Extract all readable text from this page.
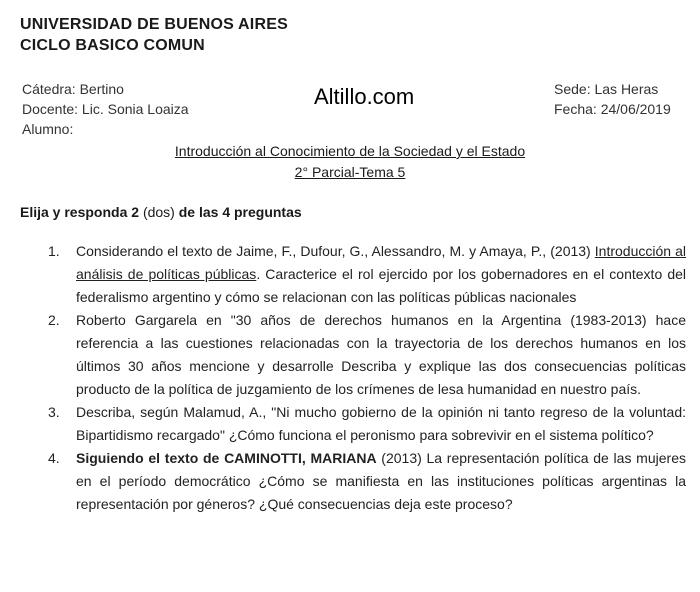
UNIVERSIDAD DE BUENOS AIRES
CICLO BASICO COMUN
Cátedra: Bertino
Docente: Lic. Sonia Loaiza
Alumno:
Altillo.com	Sede: Las Heras
Fecha: 24/06/2019
Introducción al Conocimiento de la Sociedad y el Estado
2° Parcial-Tema 5
Elija y responda 2 (dos) de las 4 preguntas
1. Considerando el texto de Jaime, F., Dufour, G., Alessandro, M. y Amaya, P., (2013) Introducción al análisis de políticas públicas. Caracterice el rol ejercido por los gobernadores en el contexto del federalismo argentino y cómo se relacionan con las políticas públicas nacionales
2. Roberto Gargarela en "30 años de derechos humanos en la Argentina (1983-2013) hace referencia a las cuestiones relacionadas con la trayectoria de los derechos humanos en los últimos 30 años mencione y desarrolle Describa y explique las dos consecuencias políticas producto de la política de juzgamiento de los crímenes de lesa humanidad en nuestro país.
3. Describa, según Malamud, A., "Ni mucho gobierno de la opinión ni tanto regreso de la voluntad: Bipartidismo recargado" ¿Cómo funciona el peronismo para sobrevivir en el sistema político?
4. Siguiendo el texto de CAMINOTTI, MARIANA (2013) La representación política de las mujeres en el período democrático ¿Cómo se manifiesta en las instituciones políticas argentinas la representación por géneros? ¿Qué consecuencias deja este proceso?
